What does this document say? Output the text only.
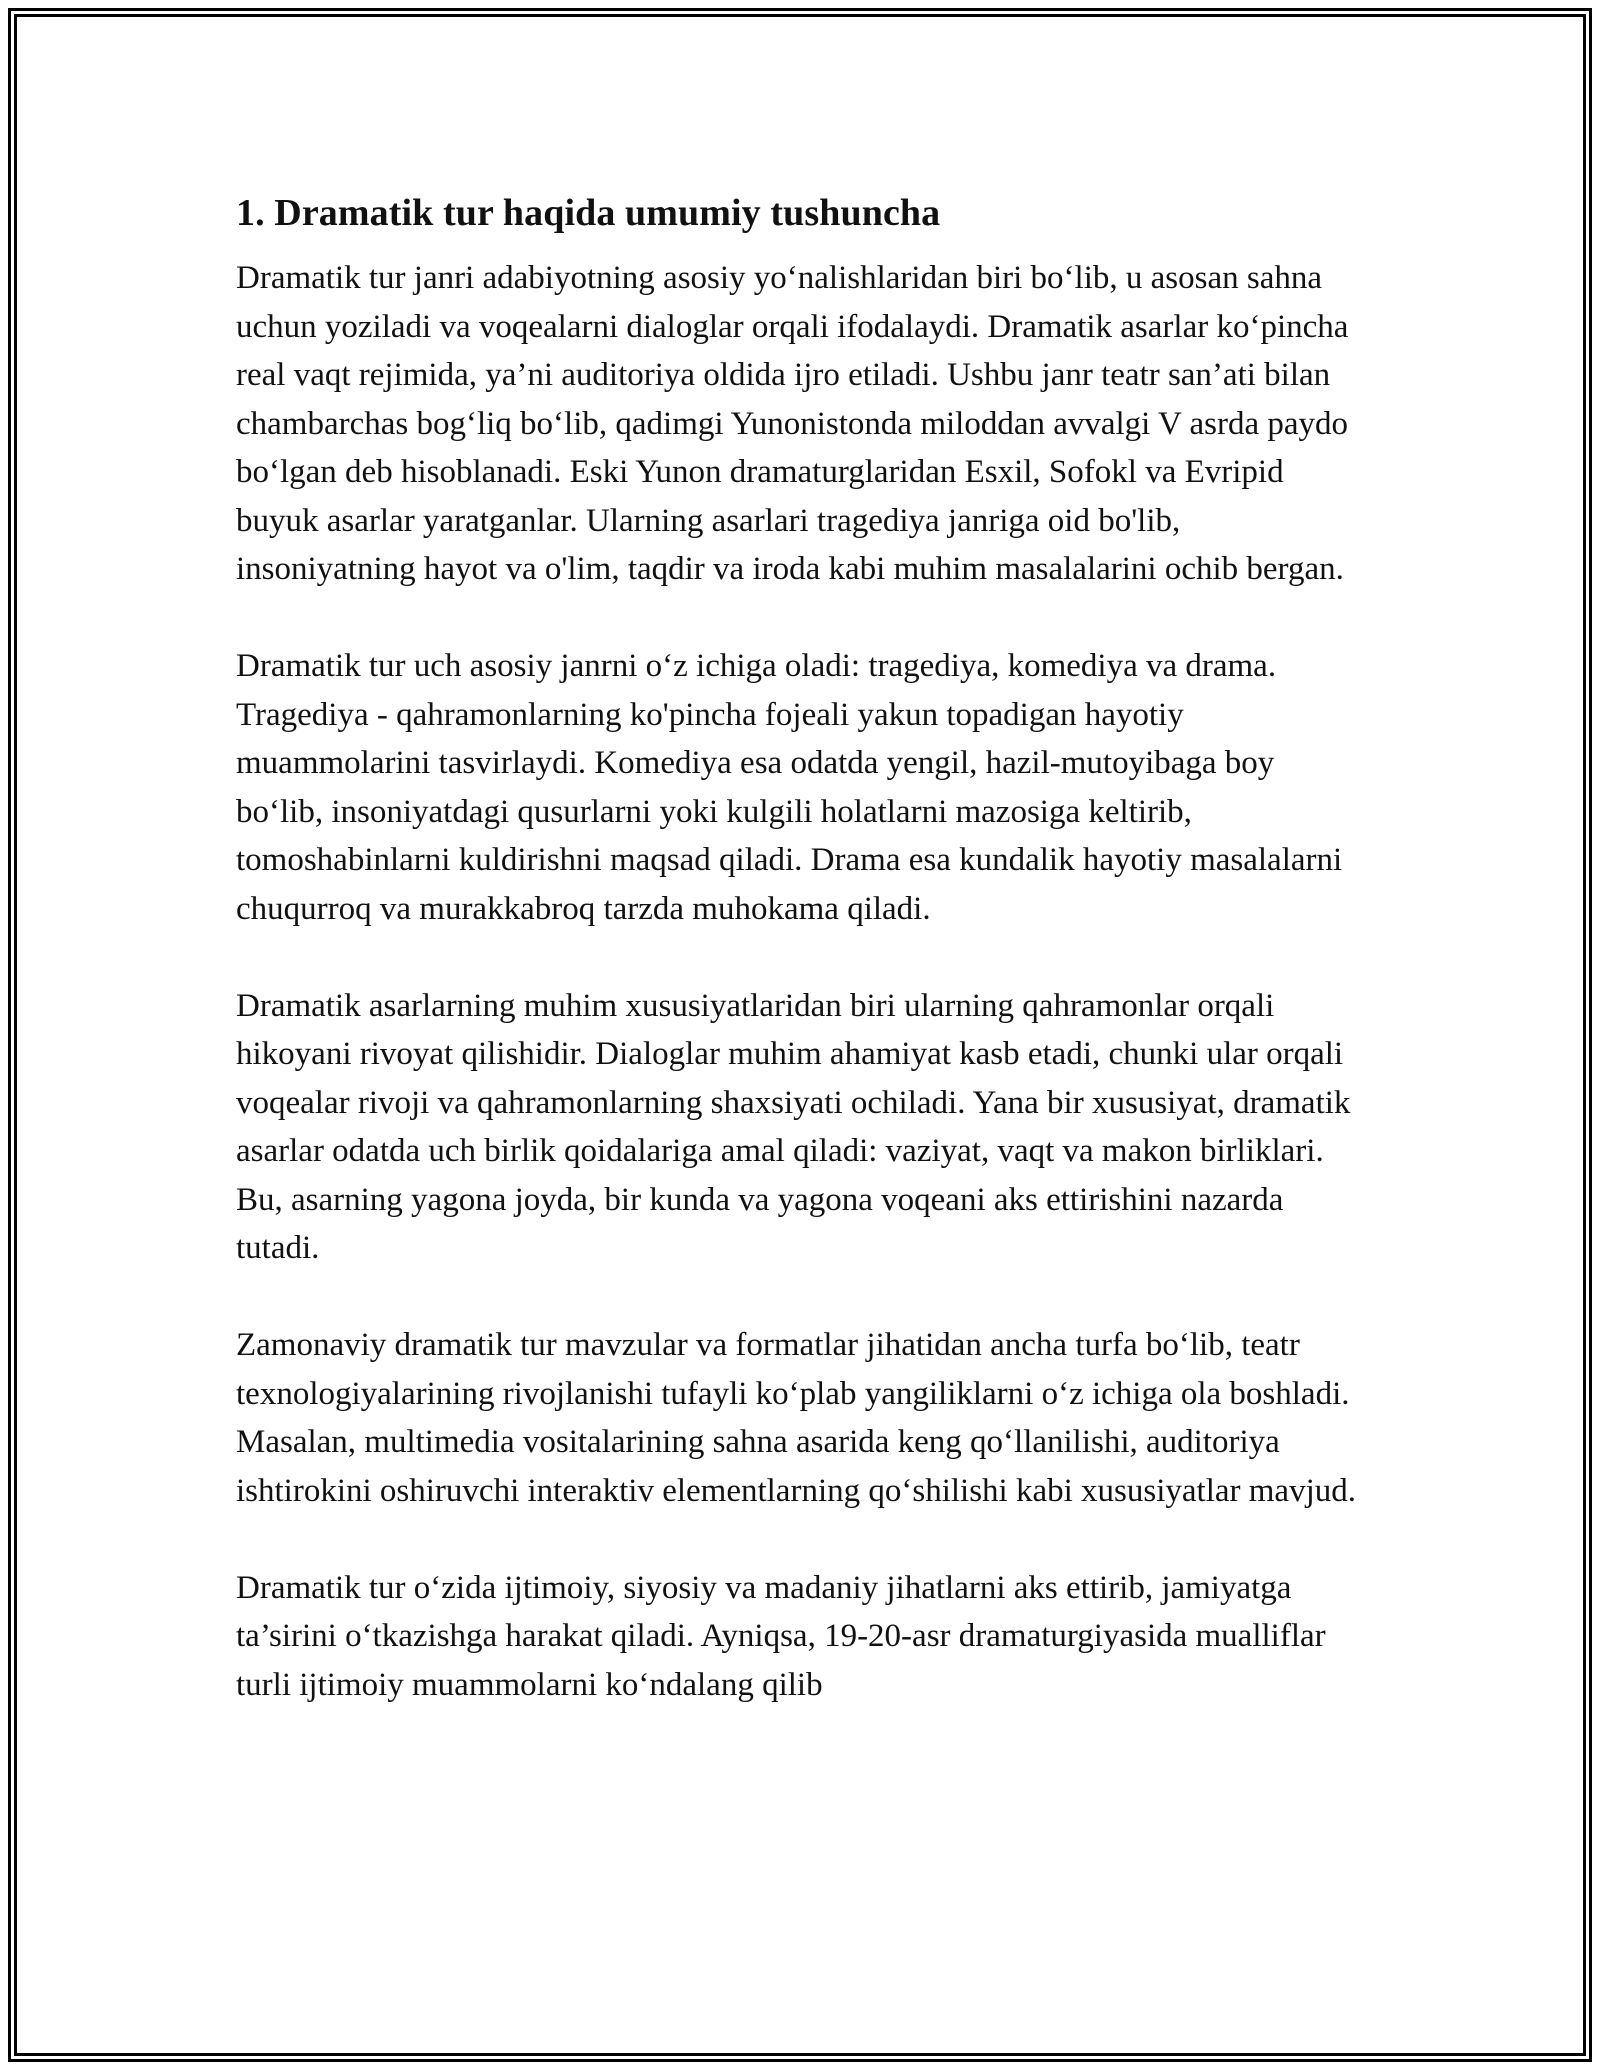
1. Dramatik tur haqida umumiy tushuncha

Dramatik tur janri adabiyotning asosiy yo‘nalishlaridan biri bo‘lib, u asosan sahna uchun yoziladi va voqealarni dialoglar orqali ifodalaydi. Dramatik asarlar ko‘pincha real vaqt rejimida, ya’ni auditoriya oldida ijro etiladi. Ushbu janr teatr san’ati bilan chambarchas bog‘liq bo‘lib, qadimgi Yunonistonda miloddan avvalgi V asrda paydo bo‘lgan deb hisoblanadi. Eski Yunon dramaturglaridan Esxil, Sofokl va Evripid buyuk asarlar yaratganlar. Ularning asarlari tragediya janriga oid bo'lib, insoniyatning hayot va o'lim, taqdir va iroda kabi muhim masalalarini ochib bergan.

Dramatik tur uch asosiy janrni o‘z ichiga oladi: tragediya, komediya va drama. Tragediya - qahramonlarning ko'pincha fojeali yakun topadigan hayotiy muammolarini tasvirlaydi. Komediya esa odatda yengil, hazil-mutoyibaga boy bo‘lib, insoniyatdagi qusurlarni yoki kulgili holatlarni mazosiga keltirib, tomoshabinlarni kuldirishni maqsad qiladi. Drama esa kundalik hayotiy masalalarni chuqurroq va murakkabroq tarzda muhokama qiladi.

Dramatik asarlarning muhim xususiyatlaridan biri ularning qahramonlar orqali hikoyani rivoyat qilishidir. Dialoglar muhim ahamiyat kasb etadi, chunki ular orqali voqealar rivoji va qahramonlarning shaxsiyati ochiladi. Yana bir xususiyat, dramatik asarlar odatda uch birlik qoidalariga amal qiladi: vaziyat, vaqt va makon birliklari. Bu, asarning yagona joyda, bir kunda va yagona voqeani aks ettirishini nazarda tutadi.

Zamonaviy dramatik tur mavzular va formatlar jihatidan ancha turfa bo‘lib, teatr texnologiyalarining rivojlanishi tufayli ko‘plab yangiliklarni o‘z ichiga ola boshladi. Masalan, multimedia vositalarining sahna asarida keng qo‘llanilishi, auditoriya ishtirokini oshiruvchi interaktiv elementlarning qo‘shilishi kabi xususiyatlar mavjud.

Dramatik tur o‘zida ijtimoiy, siyosiy va madaniy jihatlarni aks ettirib, jamiyatga ta’sirini o‘tkazishga harakat qiladi. Ayniqsa, 19-20-asr dramaturgiyasida mualliflar turli ijtimoiy muammolarni ko‘ndalang qilib
